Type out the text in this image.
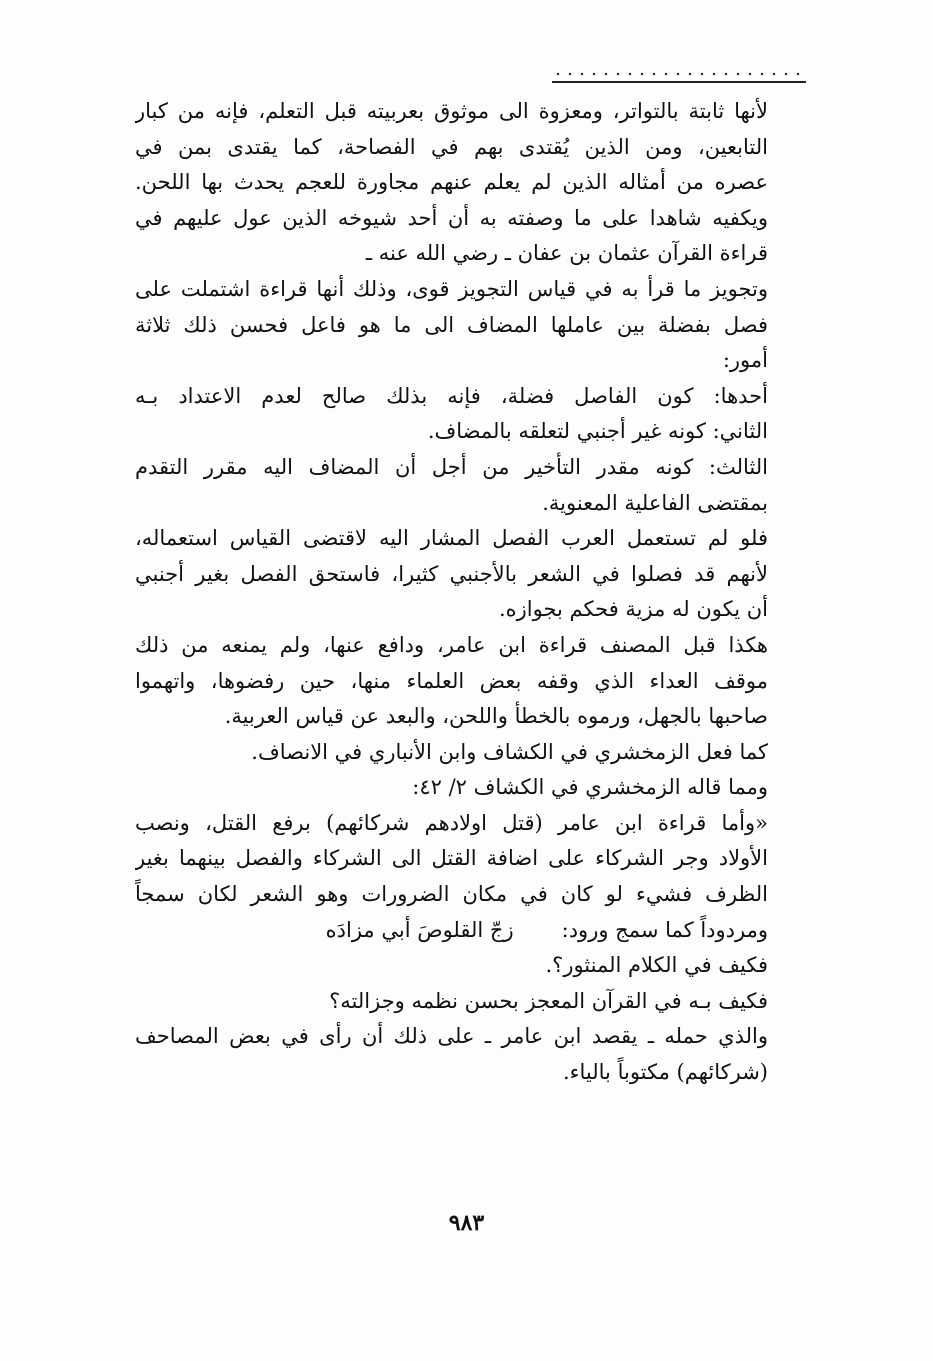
لأنها ثابتة بالتواتر، ومعزوة الى موثوق بعربيته قبل التعلم، فإنه من كبار
التابعين، ومن الذين يُقتدى بهم في الفصاحة، كما يقتدى بمن في
عصره من أمثاله الذين لم يعلم عنهم مجاورة للعجم يحدث بها اللحن.
ويكفيه شاهدا على ما وصفته به أن أحد شيوخه الذين عول عليهم في
قراءة القرآن عثمان بن عفان ـ رضي الله عنه ـ
وتجويز ما قرأ به في قياس التجويز قوى، وذلك أنها قراءة اشتملت على
فصل بفضلة بين عاملها المضاف الى ما هو فاعل فحسن ذلك ثلاثة
أمور:
أحدها: كون الفاصل فضلة، فإنه بذلك صالح لعدم الاعتداد بـه
الثاني: كونه غير أجنبي لتعلقه بالمضاف.
الثالث: كونه مقدر التأخير من أجل أن المضاف اليه مقرر التقدم
بمقتضى الفاعلية المعنوية.
فلو لم تستعمل العرب الفصل المشار اليه لاقتضى القياس استعماله،
لأنهم قد فصلوا في الشعر بالأجنبي كثيرا، فاستحق الفصل بغير أجنبي
أن يكون له مزية فحكم بجوازه.
هكذا قبل المصنف قراءة ابن عامر، ودافع عنها، ولم يمنعه من ذلك
موقف العداء الذي وقفه بعض العلماء منها، حين رفضوها، واتهموا
صاحبها بالجهل، ورموه بالخطأ واللحن، والبعد عن قياس العربية.
كما فعل الزمخشري في الكشاف وابن الأنباري في الانصاف.
ومما قاله الزمخشري في الكشاف ٢/ ٤٢:
«وأما قراءة ابن عامر (قتل اولادهم شركائهم) برفع القتل، ونصب
الأولاد وجر الشركاء على اضافة القتل الى الشركاء والفصل بينهما بغير
الظرف فشيء لو كان في مكان الضرورات وهو الشعر لكان سمجاً
ومردوداً كما سمج ورود:زجّ القلوصَ أبي مزادَه
فكيف في الكلام المنثور؟.
فكيف بـه في القرآن المعجز بحسن نظمه وجزالته؟
والذي حمله ـ يقصد ابن عامر ـ على ذلك أن رأى في بعض المصاحف
(شركائهم) مكتوباً بالياء.
٩٨٣
